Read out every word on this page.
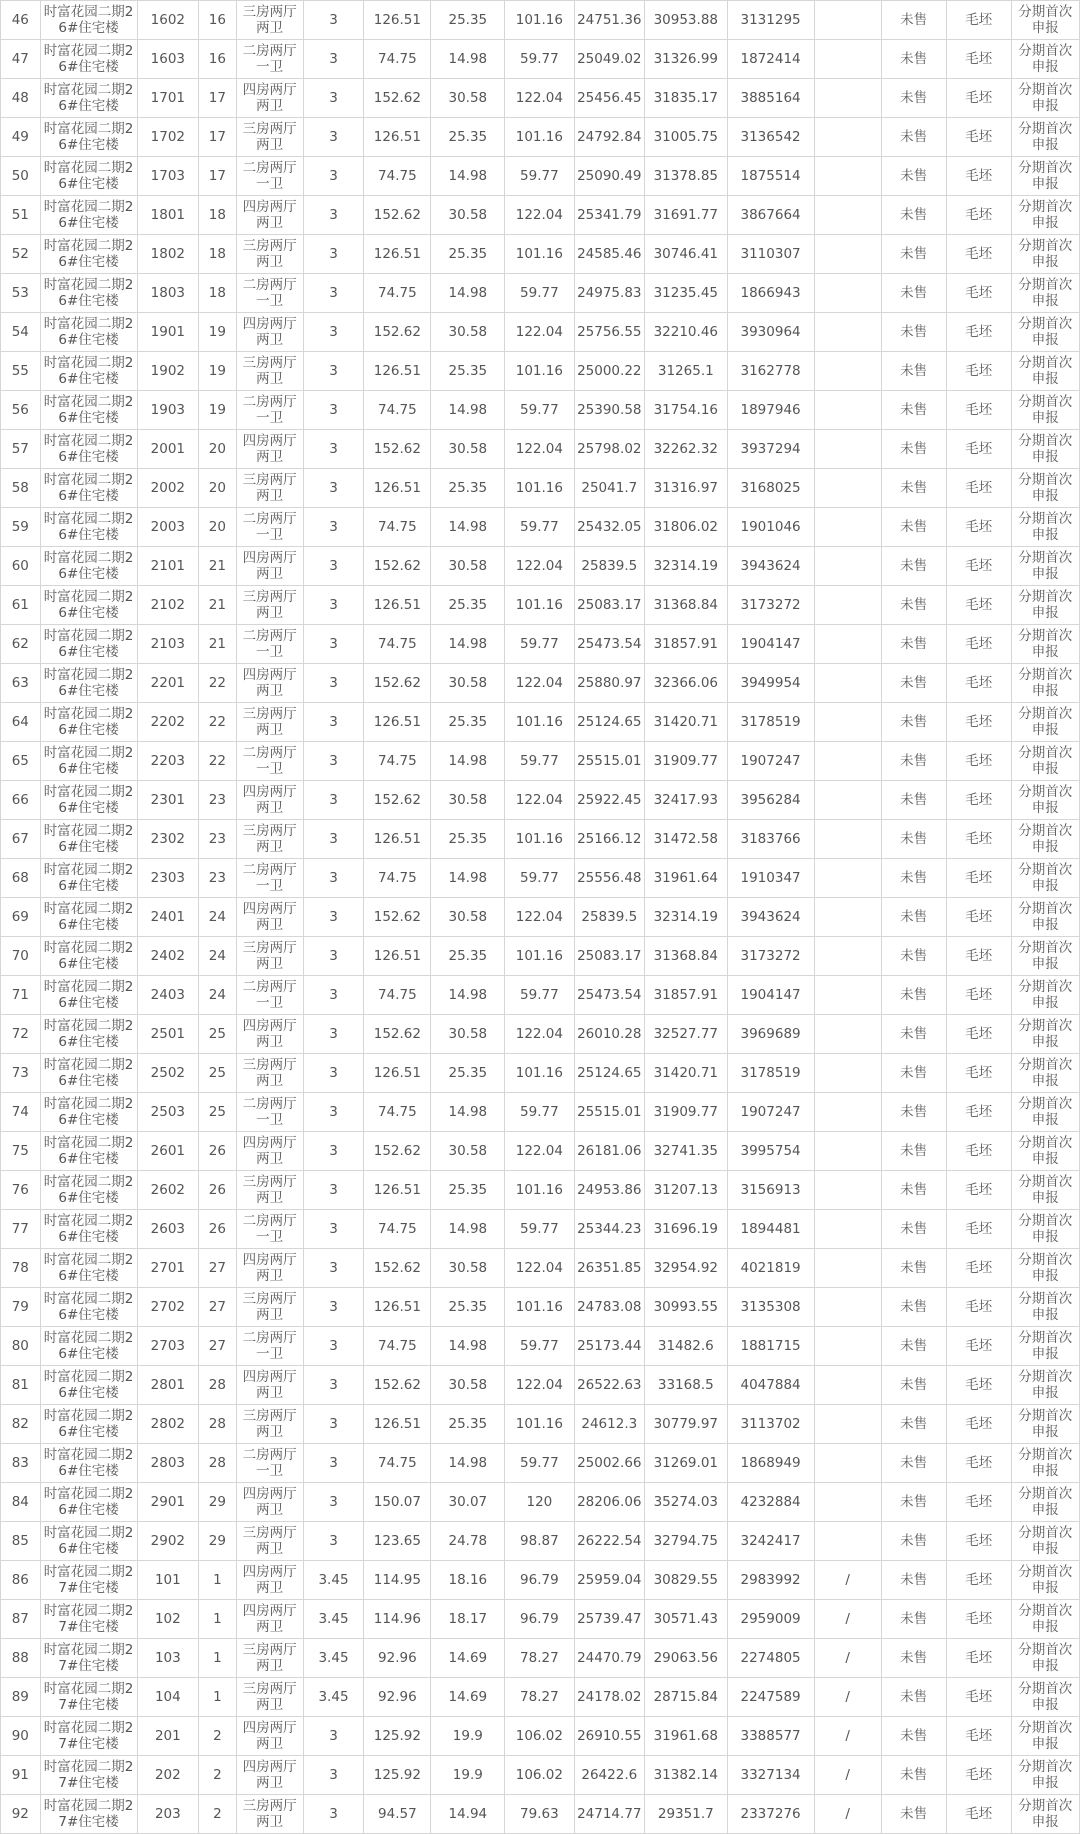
46	时富花园二期26#住宅楼	1602	16	三房两厅两卫	3	126.51	25.35	101.16	24751.36	30953.88	3131295		未售	毛坯	分期首次申报
47	时富花园二期26#住宅楼	1603	16	二房两厅一卫	3	74.75	14.98	59.77	25049.02	31326.99	1872414		未售	毛坯	分期首次申报
48	时富花园二期26#住宅楼	1701	17	四房两厅两卫	3	152.62	30.58	122.04	25456.45	31835.17	3885164		未售	毛坯	分期首次申报
49	时富花园二期26#住宅楼	1702	17	三房两厅两卫	3	126.51	25.35	101.16	24792.84	31005.75	3136542		未售	毛坯	分期首次申报
50	时富花园二期26#住宅楼	1703	17	二房两厅一卫	3	74.75	14.98	59.77	25090.49	31378.85	1875514		未售	毛坯	分期首次申报
51	时富花园二期26#住宅楼	1801	18	四房两厅两卫	3	152.62	30.58	122.04	25341.79	31691.77	3867664		未售	毛坯	分期首次申报
52	时富花园二期26#住宅楼	1802	18	三房两厅两卫	3	126.51	25.35	101.16	24585.46	30746.41	3110307		未售	毛坯	分期首次申报
53	时富花园二期26#住宅楼	1803	18	二房两厅一卫	3	74.75	14.98	59.77	24975.83	31235.45	1866943		未售	毛坯	分期首次申报
54	时富花园二期26#住宅楼	1901	19	四房两厅两卫	3	152.62	30.58	122.04	25756.55	32210.46	3930964		未售	毛坯	分期首次申报
55	时富花园二期26#住宅楼	1902	19	三房两厅两卫	3	126.51	25.35	101.16	25000.22	31265.1	3162778		未售	毛坯	分期首次申报
56	时富花园二期26#住宅楼	1903	19	二房两厅一卫	3	74.75	14.98	59.77	25390.58	31754.16	1897946		未售	毛坯	分期首次申报
57	时富花园二期26#住宅楼	2001	20	四房两厅两卫	3	152.62	30.58	122.04	25798.02	32262.32	3937294		未售	毛坯	分期首次申报
58	时富花园二期26#住宅楼	2002	20	三房两厅两卫	3	126.51	25.35	101.16	25041.7	31316.97	3168025		未售	毛坯	分期首次申报
59	时富花园二期26#住宅楼	2003	20	二房两厅一卫	3	74.75	14.98	59.77	25432.05	31806.02	1901046		未售	毛坯	分期首次申报
60	时富花园二期26#住宅楼	2101	21	四房两厅两卫	3	152.62	30.58	122.04	25839.5	32314.19	3943624		未售	毛坯	分期首次申报
61	时富花园二期26#住宅楼	2102	21	三房两厅两卫	3	126.51	25.35	101.16	25083.17	31368.84	3173272		未售	毛坯	分期首次申报
62	时富花园二期26#住宅楼	2103	21	二房两厅一卫	3	74.75	14.98	59.77	25473.54	31857.91	1904147		未售	毛坯	分期首次申报
63	时富花园二期26#住宅楼	2201	22	四房两厅两卫	3	152.62	30.58	122.04	25880.97	32366.06	3949954		未售	毛坯	分期首次申报
64	时富花园二期26#住宅楼	2202	22	三房两厅两卫	3	126.51	25.35	101.16	25124.65	31420.71	3178519		未售	毛坯	分期首次申报
65	时富花园二期26#住宅楼	2203	22	二房两厅一卫	3	74.75	14.98	59.77	25515.01	31909.77	1907247		未售	毛坯	分期首次申报
66	时富花园二期26#住宅楼	2301	23	四房两厅两卫	3	152.62	30.58	122.04	25922.45	32417.93	3956284		未售	毛坯	分期首次申报
67	时富花园二期26#住宅楼	2302	23	三房两厅两卫	3	126.51	25.35	101.16	25166.12	31472.58	3183766		未售	毛坯	分期首次申报
68	时富花园二期26#住宅楼	2303	23	二房两厅一卫	3	74.75	14.98	59.77	25556.48	31961.64	1910347		未售	毛坯	分期首次申报
69	时富花园二期26#住宅楼	2401	24	四房两厅两卫	3	152.62	30.58	122.04	25839.5	32314.19	3943624		未售	毛坯	分期首次申报
70	时富花园二期26#住宅楼	2402	24	三房两厅两卫	3	126.51	25.35	101.16	25083.17	31368.84	3173272		未售	毛坯	分期首次申报
71	时富花园二期26#住宅楼	2403	24	二房两厅一卫	3	74.75	14.98	59.77	25473.54	31857.91	1904147		未售	毛坯	分期首次申报
72	时富花园二期26#住宅楼	2501	25	四房两厅两卫	3	152.62	30.58	122.04	26010.28	32527.77	3969689		未售	毛坯	分期首次申报
73	时富花园二期26#住宅楼	2502	25	三房两厅两卫	3	126.51	25.35	101.16	25124.65	31420.71	3178519		未售	毛坯	分期首次申报
74	时富花园二期26#住宅楼	2503	25	二房两厅一卫	3	74.75	14.98	59.77	25515.01	31909.77	1907247		未售	毛坯	分期首次申报
75	时富花园二期26#住宅楼	2601	26	四房两厅两卫	3	152.62	30.58	122.04	26181.06	32741.35	3995754		未售	毛坯	分期首次申报
76	时富花园二期26#住宅楼	2602	26	三房两厅两卫	3	126.51	25.35	101.16	24953.86	31207.13	3156913		未售	毛坯	分期首次申报
77	时富花园二期26#住宅楼	2603	26	二房两厅一卫	3	74.75	14.98	59.77	25344.23	31696.19	1894481		未售	毛坯	分期首次申报
78	时富花园二期26#住宅楼	2701	27	四房两厅两卫	3	152.62	30.58	122.04	26351.85	32954.92	4021819		未售	毛坯	分期首次申报
79	时富花园二期26#住宅楼	2702	27	三房两厅两卫	3	126.51	25.35	101.16	24783.08	30993.55	3135308		未售	毛坯	分期首次申报
80	时富花园二期26#住宅楼	2703	27	二房两厅一卫	3	74.75	14.98	59.77	25173.44	31482.6	1881715		未售	毛坯	分期首次申报
81	时富花园二期26#住宅楼	2801	28	四房两厅两卫	3	152.62	30.58	122.04	26522.63	33168.5	4047884		未售	毛坯	分期首次申报
82	时富花园二期26#住宅楼	2802	28	三房两厅两卫	3	126.51	25.35	101.16	24612.3	30779.97	3113702		未售	毛坯	分期首次申报
83	时富花园二期26#住宅楼	2803	28	二房两厅一卫	3	74.75	14.98	59.77	25002.66	31269.01	1868949		未售	毛坯	分期首次申报
84	时富花园二期26#住宅楼	2901	29	四房两厅两卫	3	150.07	30.07	120	28206.06	35274.03	4232884		未售	毛坯	分期首次申报
85	时富花园二期26#住宅楼	2902	29	三房两厅两卫	3	123.65	24.78	98.87	26222.54	32794.75	3242417		未售	毛坯	分期首次申报
86	时富花园二期27#住宅楼	101	1	四房两厅两卫	3.45	114.95	18.16	96.79	25959.04	30829.55	2983992	/	未售	毛坯	分期首次申报
87	时富花园二期27#住宅楼	102	1	四房两厅两卫	3.45	114.96	18.17	96.79	25739.47	30571.43	2959009	/	未售	毛坯	分期首次申报
88	时富花园二期27#住宅楼	103	1	三房两厅两卫	3.45	92.96	14.69	78.27	24470.79	29063.56	2274805	/	未售	毛坯	分期首次申报
89	时富花园二期27#住宅楼	104	1	三房两厅两卫	3.45	92.96	14.69	78.27	24178.02	28715.84	2247589	/	未售	毛坯	分期首次申报
90	时富花园二期27#住宅楼	201	2	四房两厅两卫	3	125.92	19.9	106.02	26910.55	31961.68	3388577	/	未售	毛坯	分期首次申报
91	时富花园二期27#住宅楼	202	2	四房两厅两卫	3	125.92	19.9	106.02	26422.6	31382.14	3327134	/	未售	毛坯	分期首次申报
92	时富花园二期27#住宅楼	203	2	三房两厅两卫	3	94.57	14.94	79.63	24714.77	29351.7	2337276	/	未售	毛坯	分期首次申报
